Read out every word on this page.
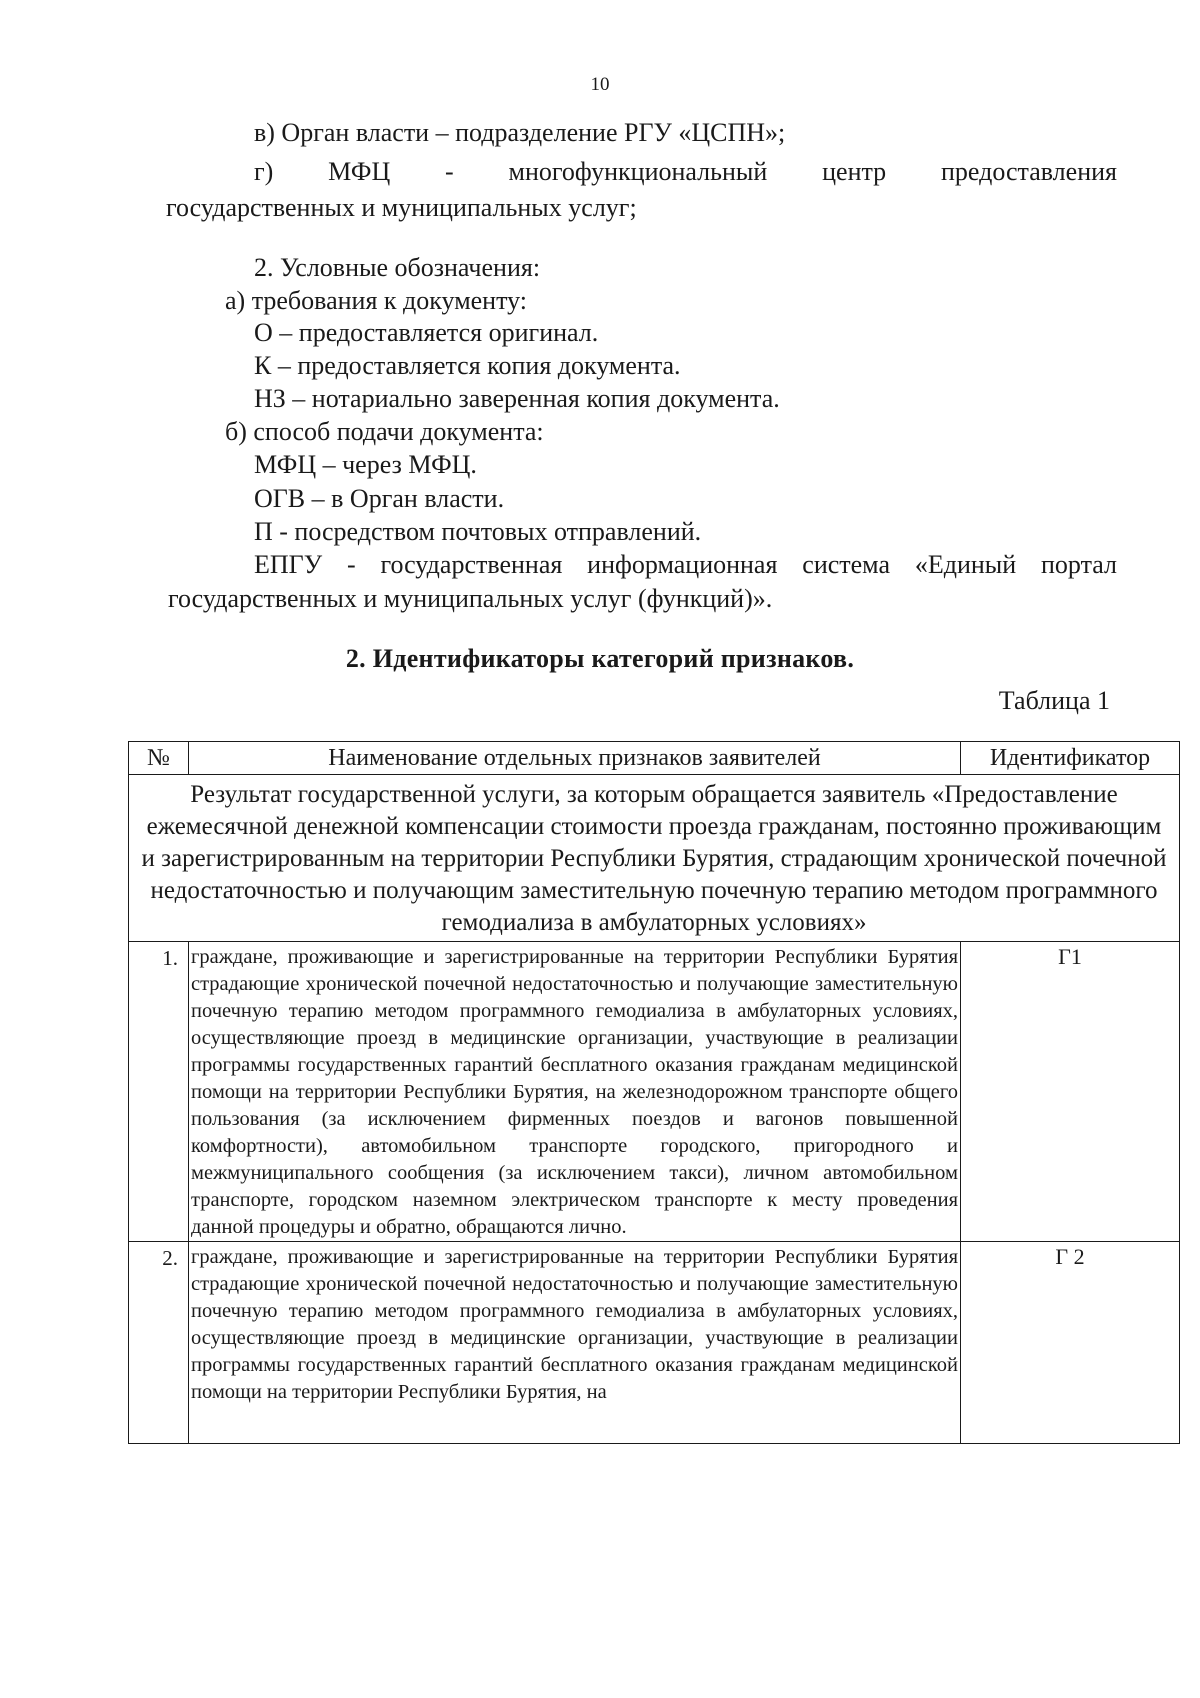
10
в) Орган власти – подразделение РГУ «ЦСПН»;
г) МФЦ - многофункциональный центр предоставления
государственных и муниципальных услуг;
2. Условные обозначения:
а) требования к документу:
О – предоставляется оригинал.
К – предоставляется копия документа.
НЗ – нотариально заверенная копия документа.
б) способ подачи документа:
МФЦ – через МФЦ.
ОГВ – в Орган власти.
П - посредством почтовых отправлений.
ЕПГУ - государственная информационная система «Единый портал
государственных и муниципальных услуг (функций)».
2. Идентификаторы категорий признаков.
Таблица 1
№	Наименование отдельных признаков заявителей	Идентификатор
Результат государственной услуги, за которым обращается заявитель «Предоставление ежемесячной денежной компенсации стоимости проезда гражданам, постоянно проживающим и зарегистрированным на территории Республики Бурятия, страдающим хронической почечной недостаточностью и получающим заместительную почечную терапию методом программного гемодиализа в амбулаторных условиях»		
1.	граждане, проживающие и зарегистрированные на территории Республики Бурятия страдающие хронической почечной недостаточностью и получающие заместительную почечную терапию методом программного гемодиализа в амбулаторных условиях, осуществляющие проезд в медицинские организации, участвующие в реализации программы государственных гарантий бесплатного оказания гражданам медицинской помощи на территории Республики Бурятия, на железнодорожном транспорте общего пользования (за исключением фирменных поездов и вагонов повышенной комфортности), автомобильном транспорте городского, пригородного и межмуниципального сообщения (за исключением такси), личном автомобильном транспорте, городском наземном электрическом транспорте к месту проведения данной процедуры и обратно, обращаются лично.	Г1
2.	граждане, проживающие и зарегистрированные на территории Республики Бурятия страдающие хронической почечной недостаточностью и получающие заместительную почечную терапию методом программного гемодиализа в амбулаторных условиях, осуществляющие проезд в медицинские организации, участвующие в реализации программы государственных гарантий бесплатного оказания гражданам медицинской помощи на территории Республики Бурятия, на	Г 2
